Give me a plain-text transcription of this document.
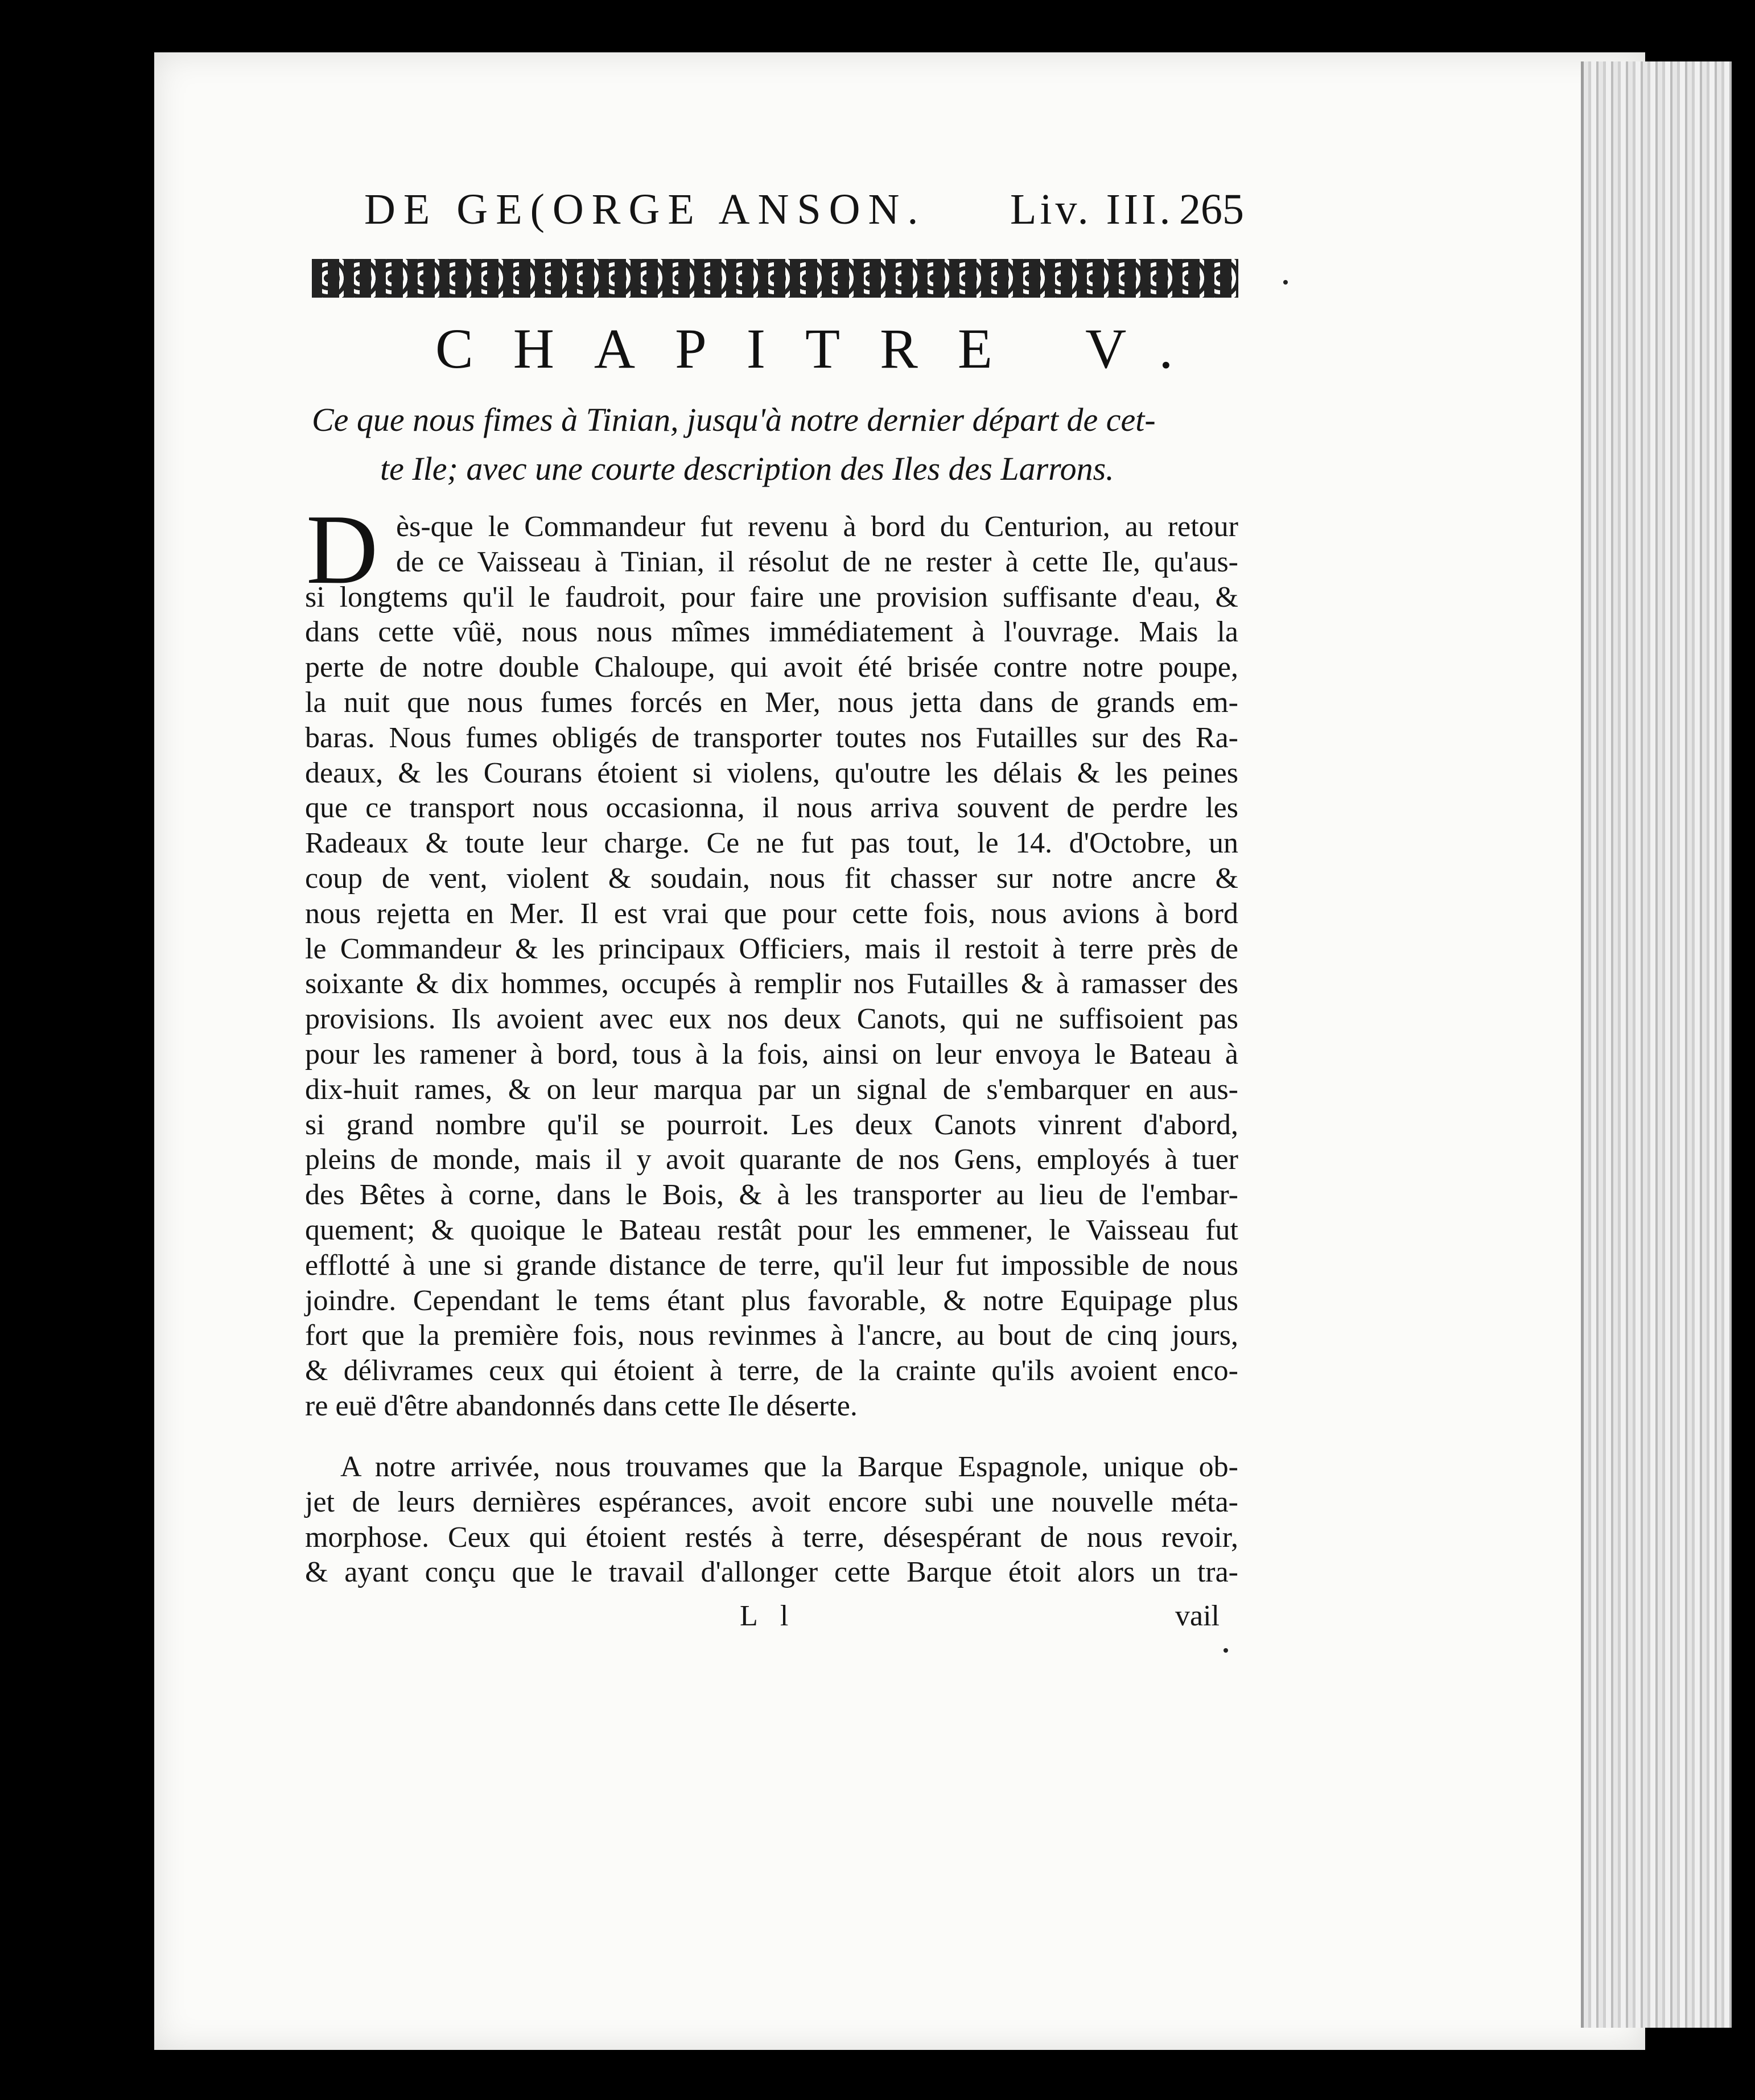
DE GE(ORGE ANSON. Liv. III. 265
CHAPITRE V.
Ce que nous fimes à Tinian, jusqu'à notre dernier départ de cet-
te Ile; avec une courte description des Iles des Larrons.
D ès-que le Commandeur fut revenu à bord du Centurion, au retour
de ce Vaisseau à Tinian, il résolut de ne rester à cette Ile, qu'aus-
si longtems qu'il le faudroit, pour faire une provision suffisante d'eau, &
dans cette vûë, nous nous mîmes immédiatement à l'ouvrage. Mais la
perte de notre double Chaloupe, qui avoit été brisée contre notre poupe,
la nuit que nous fumes forcés en Mer, nous jetta dans de grands em-
baras. Nous fumes obligés de transporter toutes nos Futailles sur des Ra-
deaux, & les Courans étoient si violens, qu'outre les délais & les peines
que ce transport nous occasionna, il nous arriva souvent de perdre les
Radeaux & toute leur charge. Ce ne fut pas tout, le 14. d'Octobre, un
coup de vent, violent & soudain, nous fit chasser sur notre ancre &
nous rejetta en Mer. Il est vrai que pour cette fois, nous avions à bord
le Commandeur & les principaux Officiers, mais il restoit à terre près de
soixante & dix hommes, occupés à remplir nos Futailles & à ramasser des
provisions. Ils avoient avec eux nos deux Canots, qui ne suffisoient pas
pour les ramener à bord, tous à la fois, ainsi on leur envoya le Bateau à
dix-huit rames, & on leur marqua par un signal de s'embarquer en aus-
si grand nombre qu'il se pourroit. Les deux Canots vinrent d'abord,
pleins de monde, mais il y avoit quarante de nos Gens, employés à tuer
des Bêtes à corne, dans le Bois, & à les transporter au lieu de l'embar-
quement; & quoique le Bateau restât pour les emmener, le Vaisseau fut
efflotté à une si grande distance de terre, qu'il leur fut impossible de nous
joindre. Cependant le tems étant plus favorable, & notre Equipage plus
fort que la première fois, nous revinmes à l'ancre, au bout de cinq jours,
& délivrames ceux qui étoient à terre, de la crainte qu'ils avoient enco-
re euë d'être abandonnés dans cette Ile déserte.
A notre arrivée, nous trouvames que la Barque Espagnole, unique ob-
jet de leurs dernières espérances, avoit encore subi une nouvelle méta-
morphose. Ceux qui étoient restés à terre, désespérant de nous revoir,
& ayant conçu que le travail d'allonger cette Barque étoit alors un tra-
L l	vail
